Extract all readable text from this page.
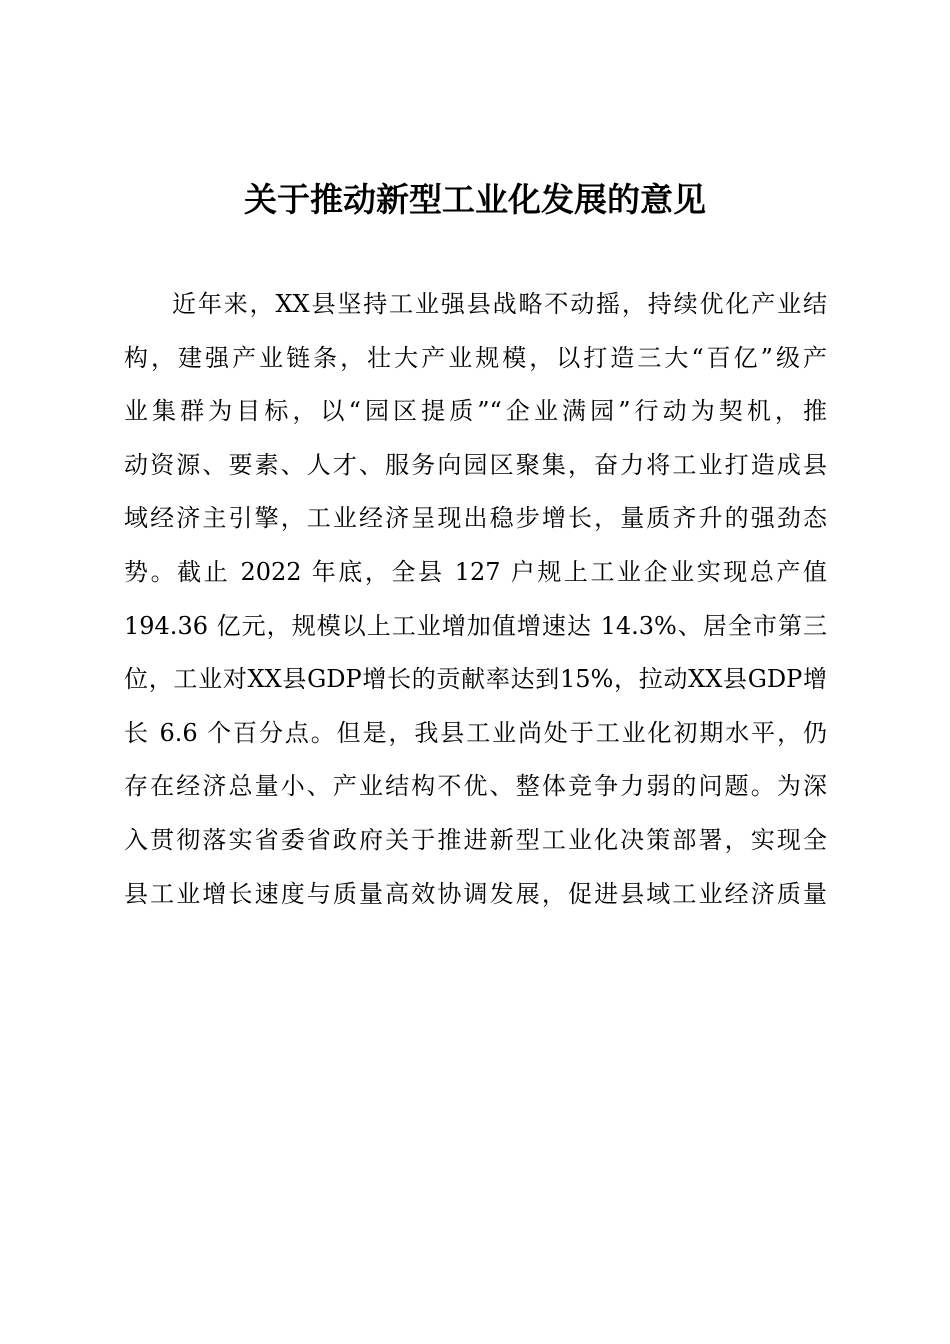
关于推动新型工业化发展的意见
近年来，XX县坚持工业强县战略不动摇，持续优化产业结
构，建强产业链条，壮大产业规模，以打造三大“百亿”级产
业集群为目标，以“园区提质”“企业满园”行动为契机，推
动资源、要素、人才、服务向园区聚集，奋力将工业打造成县
域经济主引擎，工业经济呈现出稳步增长，量质齐升的强劲态
势。截止 2022 年底，全县 127 户规上工业企业实现总产值
194.36 亿元，规模以上工业增加值增速达 14.3%、居全市第三
位，工业对XX县GDP增长的贡献率达到15%，拉动XX县GDP增
长 6.6 个百分点。但是，我县工业尚处于工业化初期水平，仍
存在经济总量小、产业结构不优、整体竞争力弱的问题。为深
入贯彻落实省委省政府关于推进新型工业化决策部署，实现全
县工业增长速度与质量高效协调发展，促进县域工业经济质量
